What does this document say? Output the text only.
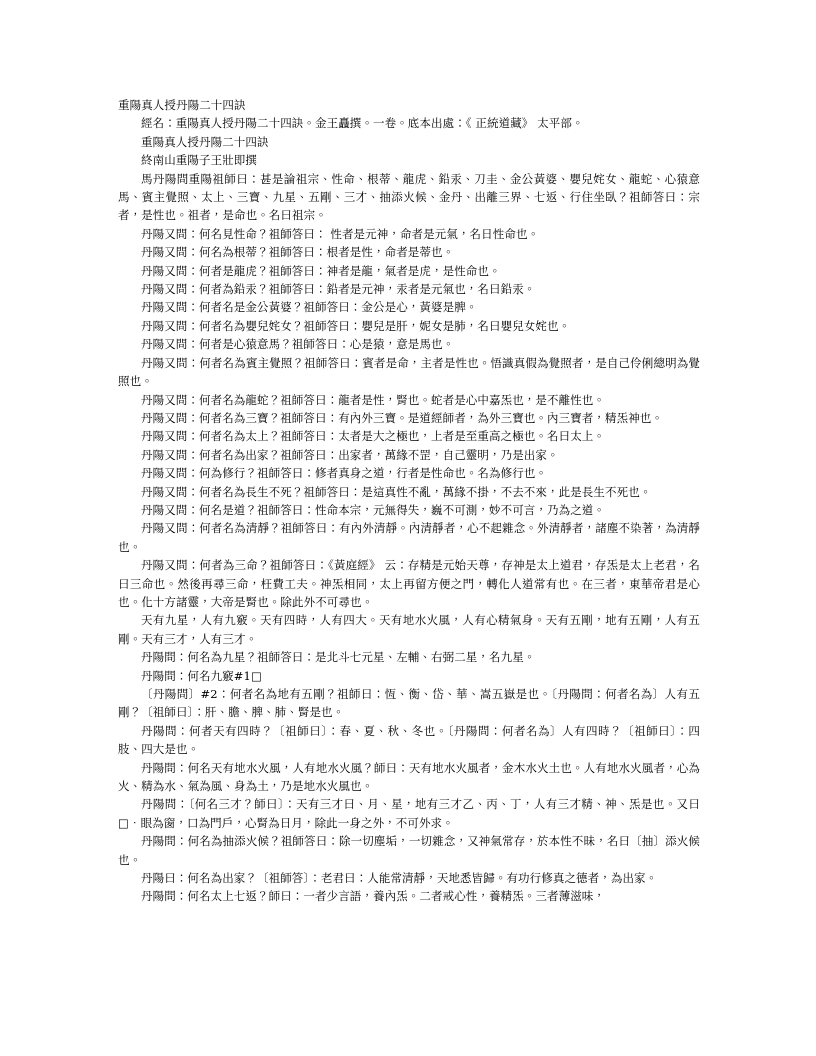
重陽真人授丹陽二十四訣

經名：重陽真人授丹陽二十四訣。金王矗撰。一卷。底本出處：《 正統道藏》 太平部。

重陽真人授丹陽二十四訣

終南山重陽子王壯即撰

馬丹陽問重陽祖師曰：甚是論祖宗、性命、根蒂、龍虎、鉛汞、刀圭、金公黃婆、嬰兒姹女、龍蛇、心猿意馬、賓主覺照、太上、三寶、九星、五剛、三才、抽添火候、金丹、出離三界、七返、行住坐臥？祖師答曰：宗者，是性也。祖者，是命也。名曰祖宗。

丹陽又問：何名見性命？祖師答曰： 性者是元神，命者是元氣，名日性命也。

丹陽又問：何名為根蒂？祖師答曰：根者是性，命者是蒂也。

丹陽又問：何者是龍虎？祖師答曰：神者是龍，氣者是虎，是性命也。

丹陽又問：何者為鉛汞？祖師答曰：鉛者是元神，汞者是元氣也，名曰鉛汞。

丹陽又問：何者名是金公黃婆？祖師答曰：金公是心，黃婆是脾。

丹陽又問：何者名為嬰兒姹女？祖師答曰：嬰兒是肝，妮女是肺，名曰嬰兒女姹也。

丹陽又問：何者是心猿意馬？祖師答曰：心是猿，意是馬也。

丹陽又問：何者名為賓主覺照？祖師答曰：賓者是命，主者是性也。悟識真假為覺照者，是自己伶俐總明為覺照也。

丹陽又問：何者名為龍蛇？祖師答曰：龍者是性，腎也。蛇者是心中嘉炁也，是不離性也。

丹陽又問：何者名為三寶？祖師答曰：有內外三寶。是道經師者，為外三寶也。內三寶者，精炁神也。

丹陽又問：何者名為太上？祖師答曰：太者是大之極也，上者是至重高之極也。名曰太上。

丹陽又問：何者名為出家？祖師答曰：出家者，萬緣不罡，自己靈明，乃是出家。

丹陽又問：何為修行？祖師答曰：修者真身之道，行者是性命也。名為修行也。

丹陽又問：何者名為長生不死？祖師答曰：是這真性不亂，萬緣不掛，不去不來，此是長生不死也。

丹陽又問：何名是道？祖師答曰：性命本宗，元無得失，巍不可測，妙不可言，乃為之道。

丹陽又問：何者名為清靜？祖師答曰：有內外清靜。內清靜者，心不起雜念。外清靜者，諸塵不染著，為清靜也。

丹陽又問：何者為三命？祖師答曰：《黃庭經》 云：存精是元始天尊，存神是太上道君，存炁是太上老君，名曰三命也。然後再尋三命，枉費工夫。神炁相同，太上再留方便之門，轉化人道常有也。在三者，東華帝君是心也。化十方諸靈，大帝是腎也。除此外不可尋也。

天有九星，人有九竅。天有四時，人有四大。天有地水火風，人有心精氣身。天有五剛，地有五剛，人有五剛。天有三才，人有三才。

丹陽問：何名為九星？祖師答曰：是北斗七元星、左輔、右弼二星，名九星。

丹陽問：何名九竅#1□

〔丹陽問〕#2：何者名為地有五剛？祖師曰：恆、衡、岱、華、嵩五嶽是也。〔丹陽問：何者名為〕人有五剛？〔祖師曰〕：肝、膽、脾、肺、腎是也。

丹陽問：何者天有四時？〔祖師曰〕：春、夏、秋、冬也。〔丹陽問：何者名為〕人有四時？〔祖師曰〕：四肢、四大是也。

丹陽問：何名天有地水火風，人有地水火風？師曰：天有地水火風者，金木水火土也。人有地水火風者，心為火、精為水、氣為風、身為土，乃是地水火風也。

丹陽問：〔何名三才？師曰〕：天有三才曰、月、星，地有三才乙、丙、丁，人有三才精、神、炁是也。又曰□．眼為窗，口為門戶，心腎為日月，除此一身之外，不可外求。

丹陽問：何名為抽添火候？祖師答曰：除一切塵垢，一切雜念，又神氣常存，於本性不昧，名曰〔抽〕添火候也。

丹陽曰：何名為出家？〔祖師答〕：老君曰：人能常清靜，天地悉皆歸。有功行修真之德者，為出家。

丹陽問：何名太上七返？師曰：一者少言語，養內炁。二者戒心性，養精炁。三者薄滋味，
